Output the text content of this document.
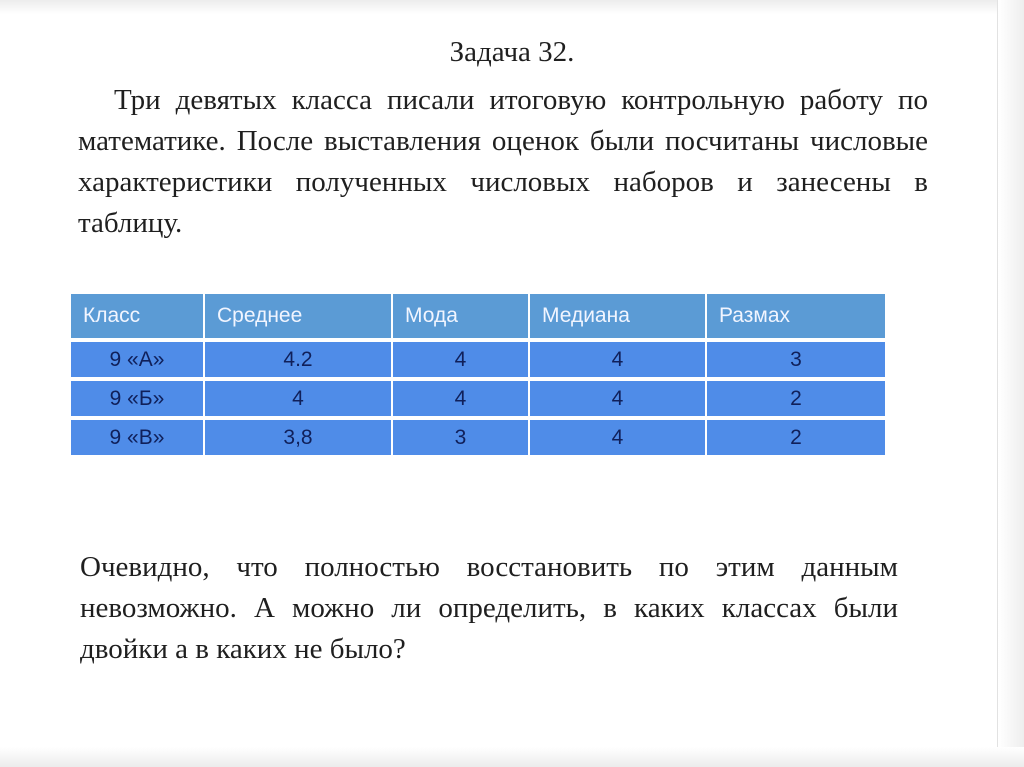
Задача 32.

Три девятых класса писали итоговую контрольную работу по математике. После выставления оценок были посчитаны числовые характеристики полученных числовых наборов и занесены в таблицу.

Класс	Среднее	Мода	Медиана	Размах
9 «А»	4.2	4	4	3
9 «Б»	4	4	4	2
9 «В»	3,8	3	4	2

Очевидно, что полностью восстановить по этим данным невозможно. А можно ли определить, в каких классах были двойки а в каких не было?
